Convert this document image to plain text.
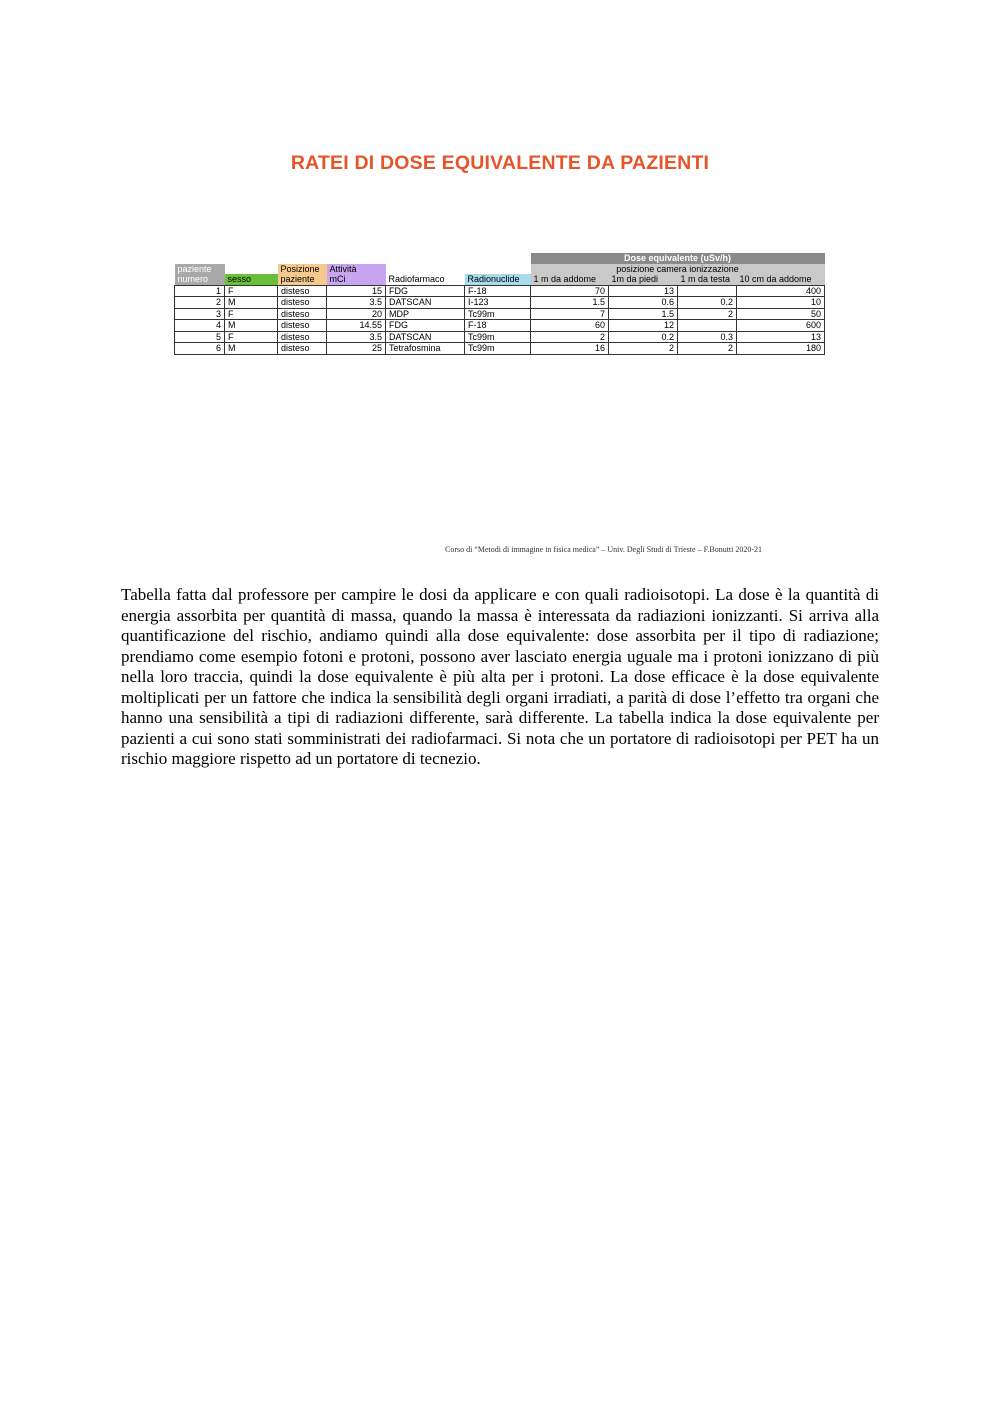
RATEI DI DOSE EQUIVALENTE DA PAZIENTI
						Dose equivalente (uSv/h)			
paziente		Posizione	Attività			posizione camera ionizzazione			
numero	sesso	paziente	mCi	Radiofarmaco	Radionuclide	1 m da addome	1m da piedi	1 m da testa	10 cm da addome
1	F	disteso	15	FDG	F-18	70	13		400
2	M	disteso	3.5	DATSCAN	I-123	1.5	0.6	0.2	10
3	F	disteso	20	MDP	Tc99m	7	1.5	2	50
4	M	disteso	14.55	FDG	F-18	60	12		600
5	F	disteso	3.5	DATSCAN	Tc99m	2	0.2	0.3	13
6	M	disteso	25	Tetrafosmina	Tc99m	16	2	2	180
Corso di “Metodi di immagine in fisica medica” – Univ. Degli Studi di Trieste – F.Bonutti 2020-21
Tabella fatta dal professore per campire le dosi da applicare e con quali radioisotopi. La dose è la quantità di energia assorbita per quantità di massa, quando la massa è interessata da radiazioni ionizzanti. Si arriva alla quantificazione del rischio, andiamo quindi alla dose equivalente: dose assorbita per il tipo di radiazione; prendiamo come esempio fotoni e protoni, possono aver lasciato energia uguale ma i protoni ionizzano di più nella loro traccia, quindi la dose equivalente è più alta per i protoni. La dose efficace è la dose equivalente moltiplicati per un fattore che indica la sensibilità degli organi irradiati, a parità di dose l’effetto tra organi che hanno una sensibilità a tipi di radiazioni differente, sarà differente. La tabella indica la dose equivalente per pazienti a cui sono stati somministrati dei radiofarmaci. Si nota che un portatore di radioisotopi per PET ha un rischio maggiore rispetto ad un portatore di tecnezio.
